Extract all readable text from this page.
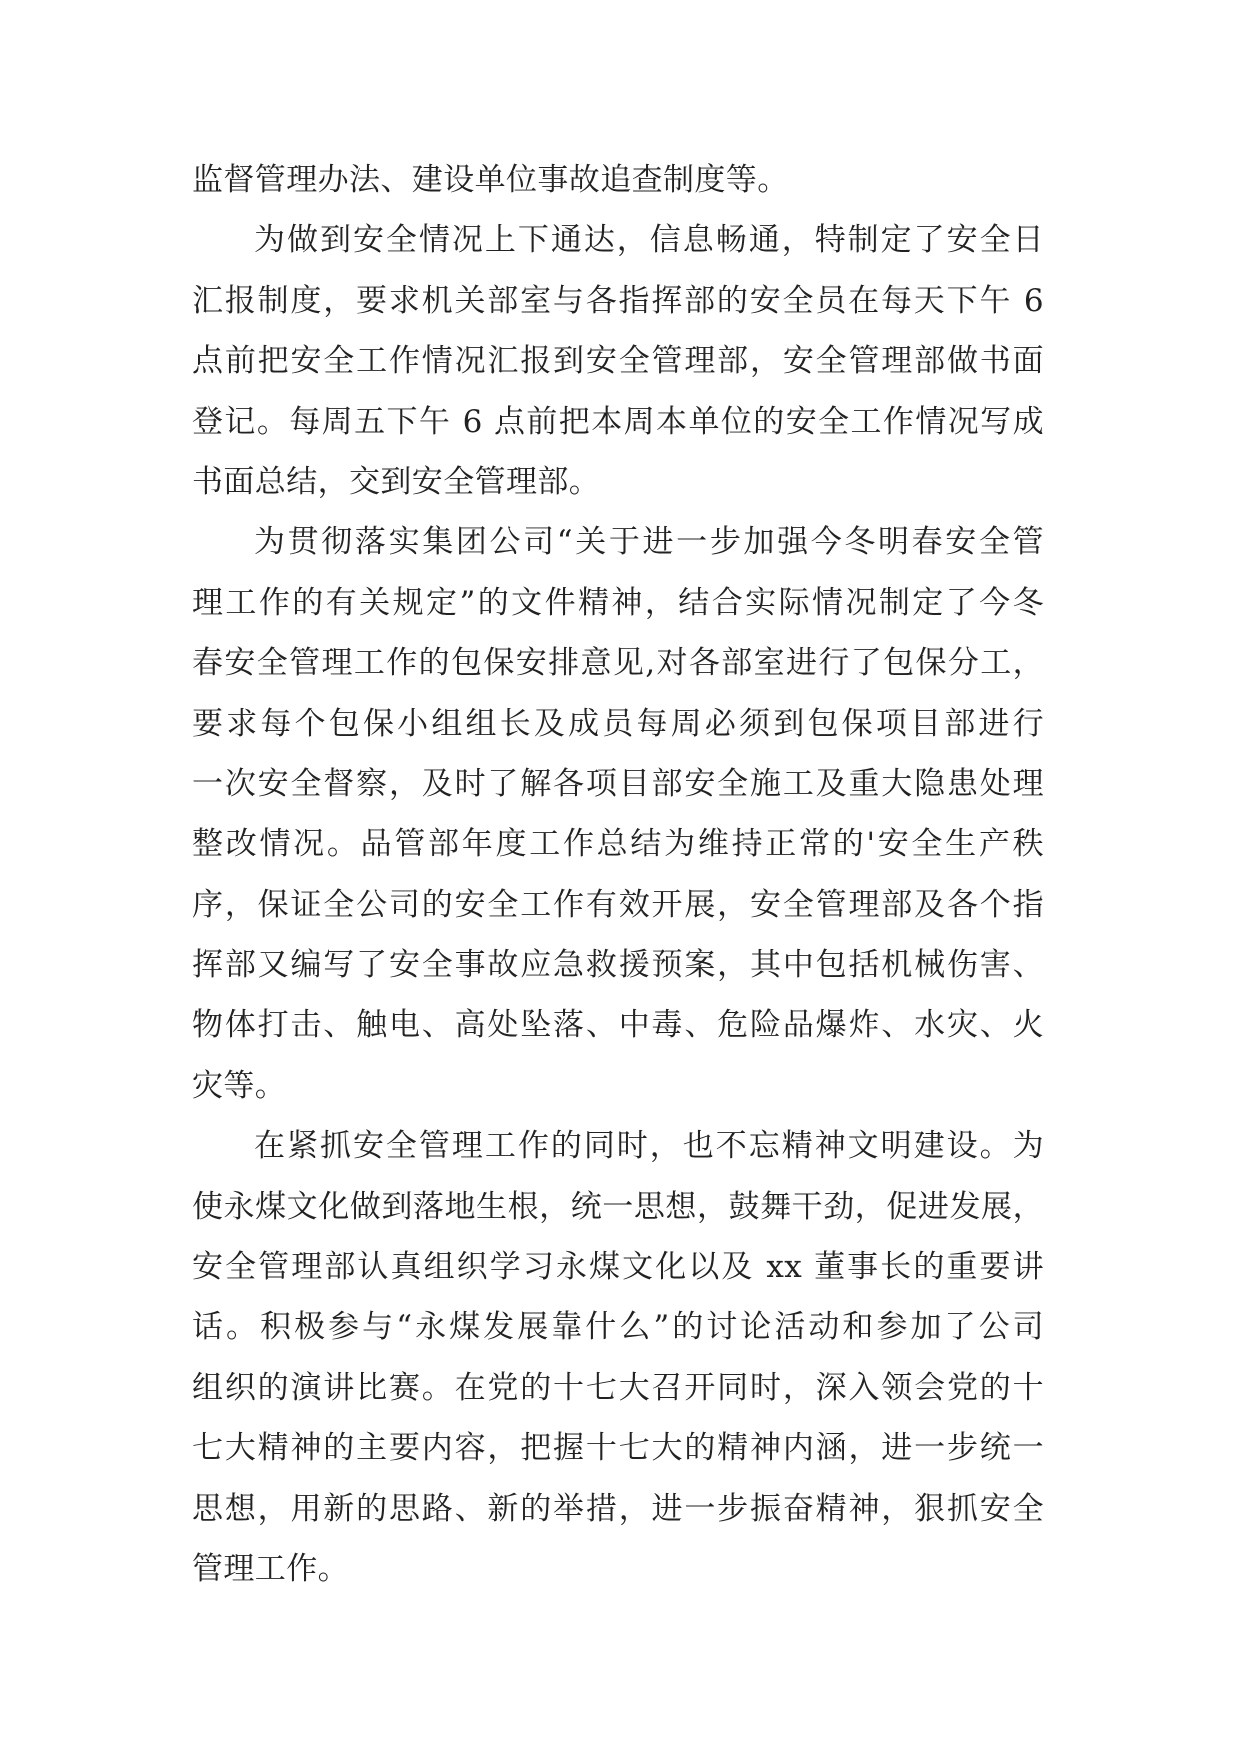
监督管理办法、建设单位事故追查制度等。
为做到安全情况上下通达，信息畅通，特制定了安全日
汇报制度，要求机关部室与各指挥部的安全员在每天下午 6
点前把安全工作情况汇报到安全管理部，安全管理部做书面
登记。每周五下午 6 点前把本周本单位的安全工作情况写成
书面总结，交到安全管理部。
为贯彻落实集团公司“关于进一步加强今冬明春安全管
理工作的有关规定”的文件精神，结合实际情况制定了今冬
春安全管理工作的包保安排意见,对各部室进行了包保分工，
要求每个包保小组组长及成员每周必须到包保项目部进行
一次安全督察，及时了解各项目部安全施工及重大隐患处理
整改情况。品管部年度工作总结为维持正常的'安全生产秩
序，保证全公司的安全工作有效开展，安全管理部及各个指
挥部又编写了安全事故应急救援预案，其中包括机械伤害、
物体打击、触电、高处坠落、中毒、危险品爆炸、水灾、火
灾等。
在紧抓安全管理工作的同时，也不忘精神文明建设。为
使永煤文化做到落地生根，统一思想，鼓舞干劲，促进发展，
安全管理部认真组织学习永煤文化以及 xx 董事长的重要讲
话。积极参与“永煤发展靠什么”的讨论活动和参加了公司
组织的演讲比赛。在党的十七大召开同时，深入领会党的十
七大精神的主要内容，把握十七大的精神内涵，进一步统一
思想，用新的思路、新的举措，进一步振奋精神，狠抓安全
管理工作。
